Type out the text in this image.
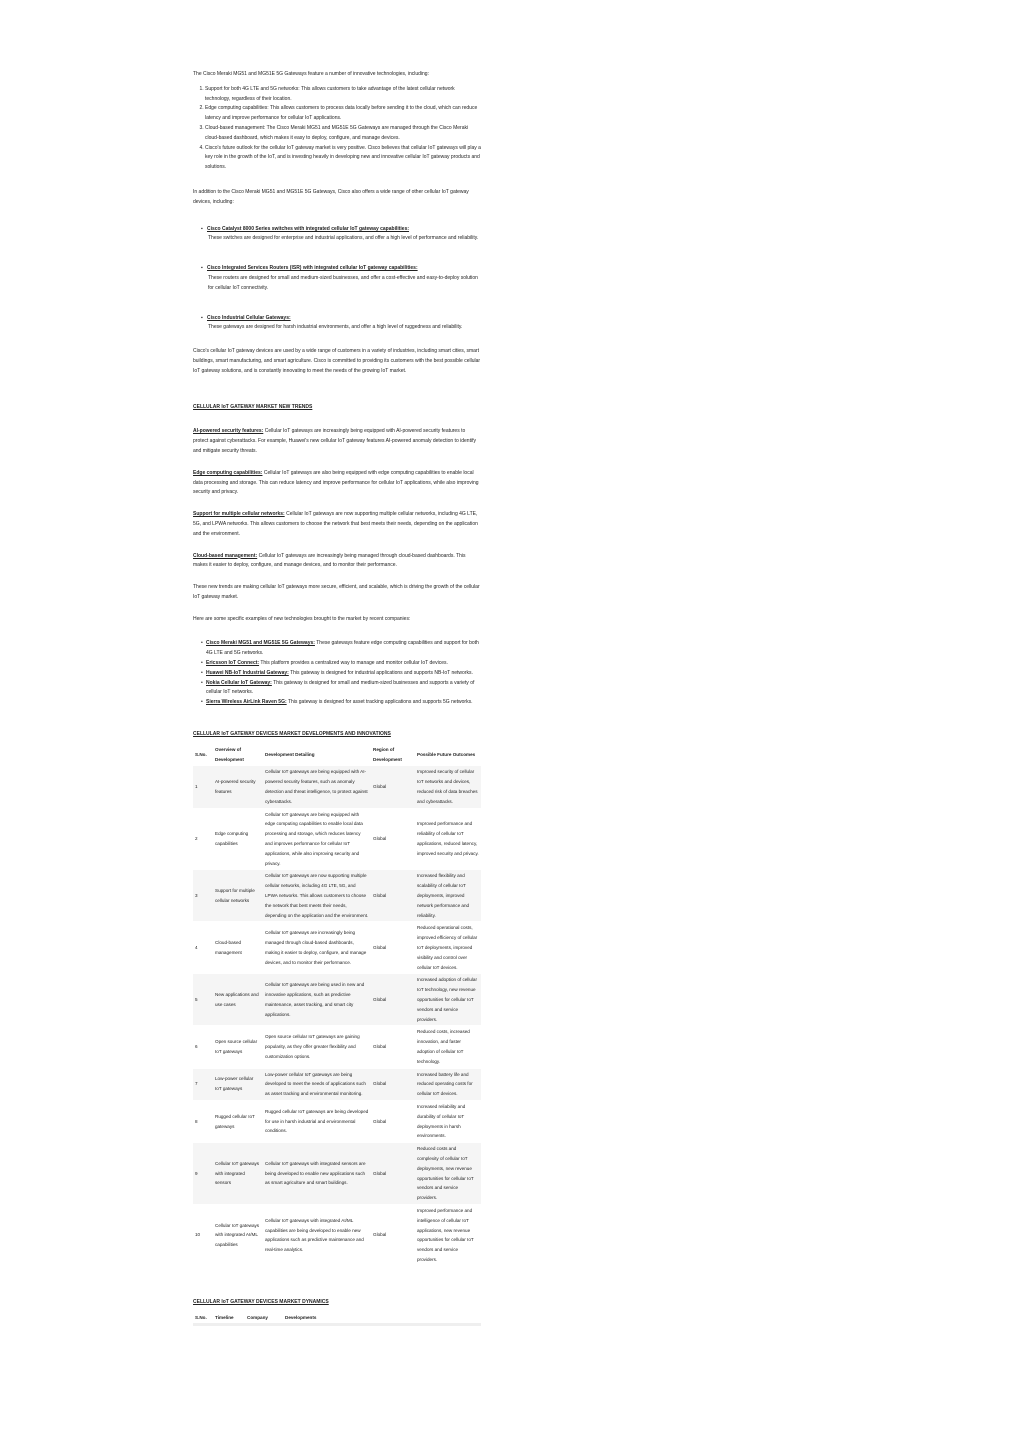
The Cisco Meraki MG51 and MG51E 5G Gateways feature a number of innovative technologies, including:

1. Support for both 4G LTE and 5G networks: This allows customers to take advantage of the latest cellular network technology, regardless of their location.
2. Edge computing capabilities: This allows customers to process data locally before sending it to the cloud, which can reduce latency and improve performance for cellular IoT applications.
3. Cloud-based management: The Cisco Meraki MG51 and MG51E 5G Gateways are managed through the Cisco Meraki cloud-based dashboard, which makes it easy to deploy, configure, and manage devices.
4. Cisco's future outlook for the cellular IoT gateway market is very positive. Cisco believes that cellular IoT gateways will play a key role in the growth of the IoT, and is investing heavily in developing new and innovative cellular IoT gateway products and solutions.

In addition to the Cisco Meraki MG51 and MG51E 5G Gateways, Cisco also offers a wide range of other cellular IoT gateway devices, including:

▪ Cisco Catalyst 8000 Series switches with integrated cellular IoT gateway capabilities:
These switches are designed for enterprise and industrial applications, and offer a high level of performance and reliability.
▪ Cisco Integrated Services Routers (ISR) with integrated cellular IoT gateway capabilities:
These routers are designed for small and medium-sized businesses, and offer a cost-effective and easy-to-deploy solution for cellular IoT connectivity.
▪ Cisco Industrial Cellular Gateways:
These gateways are designed for harsh industrial environments, and offer a high level of ruggedness and reliability.

Cisco's cellular IoT gateway devices are used by a wide range of customers in a variety of industries, including smart cities, smart buildings, smart manufacturing, and smart agriculture. Cisco is committed to providing its customers with the best possible cellular IoT gateway solutions, and is constantly innovating to meet the needs of the growing IoT market.

CELLULAR IoT GATEWAY MARKET NEW TRENDS

AI-powered security features: Cellular IoT gateways are increasingly being equipped with AI-powered security features to protect against cyberattacks. For example, Huawei's new cellular IoT gateway features AI-powered anomaly detection to identify and mitigate security threats.

Edge computing capabilities: Cellular IoT gateways are also being equipped with edge computing capabilities to enable local data processing and storage. This can reduce latency and improve performance for cellular IoT applications, while also improving security and privacy.

Support for multiple cellular networks: Cellular IoT gateways are now supporting multiple cellular networks, including 4G LTE, 5G, and LPWA networks. This allows customers to choose the network that best meets their needs, depending on the application and the environment.

Cloud-based management: Cellular IoT gateways are increasingly being managed through cloud-based dashboards. This makes it easier to deploy, configure, and manage devices, and to monitor their performance.

These new trends are making cellular IoT gateways more secure, efficient, and scalable, which is driving the growth of the cellular IoT gateway market.

Here are some specific examples of new technologies brought to the market by recent companies:

• Cisco Meraki MG51 and MG51E 5G Gateways: These gateways feature edge computing capabilities and support for both 4G LTE and 5G networks.
• Ericsson IoT Connect: This platform provides a centralized way to manage and monitor cellular IoT devices.
• Huawei NB-IoT Industrial Gateway: This gateway is designed for industrial applications and supports NB-IoT networks.
• Nokia Cellular IoT Gateway: This gateway is designed for small and medium-sized businesses and supports a variety of cellular IoT networks.
• Sierra Wireless AirLink Raven 5G: This gateway is designed for asset tracking applications and supports 5G networks.

CELLULAR IoT GATEWAY DEVICES MARKET DEVELOPMENTS AND INNOVATIONS

S.No.	Overview of Development	Development Detailing	Region of Development	Possible Future Outcomes
1	AI-powered security features	Cellular IoT gateways are being equipped with AI-powered security features, such as anomaly detection and threat intelligence, to protect against cyberattacks.	Global	Improved security of cellular IoT networks and devices, reduced risk of data breaches and cyberattacks.
2	Edge computing capabilities	Cellular IoT gateways are being equipped with edge computing capabilities to enable local data processing and storage, which reduces latency and improves performance for cellular IoT applications, while also improving security and privacy.	Global	Improved performance and reliability of cellular IoT applications, reduced latency, improved security and privacy.
3	Support for multiple cellular networks	Cellular IoT gateways are now supporting multiple cellular networks, including 4G LTE, 5G, and LPWA networks. This allows customers to choose the network that best meets their needs, depending on the application and the environment.	Global	Increased flexibility and scalability of cellular IoT deployments, improved network performance and reliability.
4	Cloud-based management	Cellular IoT gateways are increasingly being managed through cloud-based dashboards, making it easier to deploy, configure, and manage devices, and to monitor their performance.	Global	Reduced operational costs, improved efficiency of cellular IoT deployments, improved visibility and control over cellular IoT devices.
5	New applications and use cases	Cellular IoT gateways are being used in new and innovative applications, such as predictive maintenance, asset tracking, and smart city applications.	Global	Increased adoption of cellular IoT technology, new revenue opportunities for cellular IoT vendors and service providers.
6	Open source cellular IoT gateways	Open source cellular IoT gateways are gaining popularity, as they offer greater flexibility and customization options.	Global	Reduced costs, increased innovation, and faster adoption of cellular IoT technology.
7	Low-power cellular IoT gateways	Low-power cellular IoT gateways are being developed to meet the needs of applications such as asset tracking and environmental monitoring.	Global	Increased battery life and reduced operating costs for cellular IoT devices.
8	Rugged cellular IoT gateways	Rugged cellular IoT gateways are being developed for use in harsh industrial and environmental conditions.	Global	Increased reliability and durability of cellular IoT deployments in harsh environments.
9	Cellular IoT gateways with integrated sensors	Cellular IoT gateways with integrated sensors are being developed to enable new applications such as smart agriculture and smart buildings.	Global	Reduced costs and complexity of cellular IoT deployments, new revenue opportunities for cellular IoT vendors and service providers.
10	Cellular IoT gateways with integrated AI/ML capabilities	Cellular IoT gateways with integrated AI/ML capabilities are being developed to enable new applications such as predictive maintenance and real-time analytics.	Global	Improved performance and intelligence of cellular IoT applications, new revenue opportunities for cellular IoT vendors and service providers.

CELLULAR IoT GATEWAY DEVICES MARKET DYNAMICS

S.No.	Timeline	Company	Developments
